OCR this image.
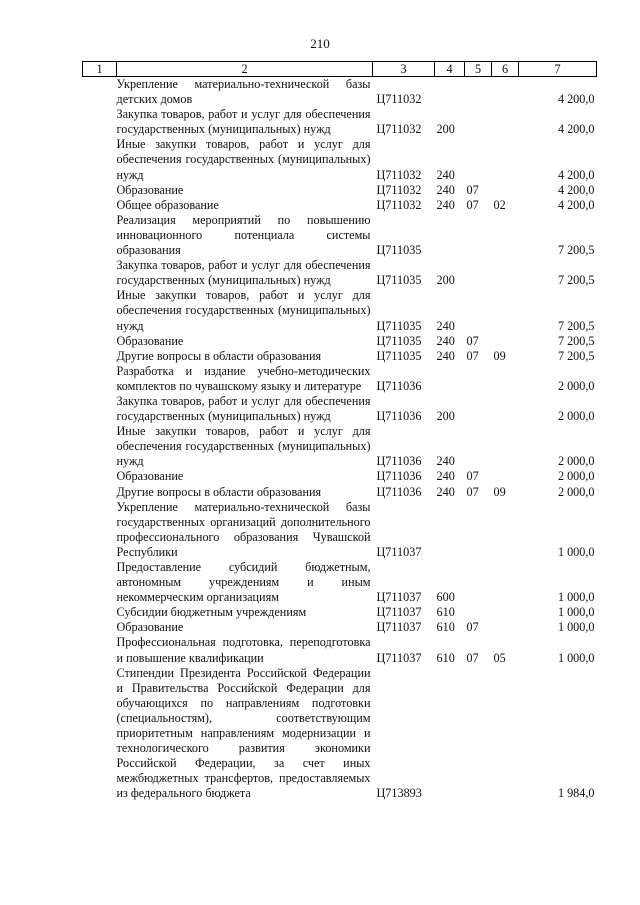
210
1	2	3	4	5	6	7
	Укрепление материально-технической базы детских домов	Ц711032				4 200,0
	Закупка товаров, работ и услуг для обеспечения государственных (муниципальных) нужд	Ц711032	200			4 200,0
	Иные закупки товаров, работ и услуг для обеспечения государственных (муниципальных) нужд	Ц711032	240			4 200,0
	Образование	Ц711032	240	07		4 200,0
	Общее образование	Ц711032	240	07	02	4 200,0
	Реализация мероприятий по повышению инновационного потенциала системы образования	Ц711035				7 200,5
	Закупка товаров, работ и услуг для обеспечения государственных (муниципальных) нужд	Ц711035	200			7 200,5
	Иные закупки товаров, работ и услуг для обеспечения государственных (муниципальных) нужд	Ц711035	240			7 200,5
	Образование	Ц711035	240	07		7 200,5
	Другие вопросы в области образования	Ц711035	240	07	09	7 200,5
	Разработка и издание учебно-методических комплектов по чувашскому языку и литературе	Ц711036				2 000,0
	Закупка товаров, работ и услуг для обеспечения государственных (муниципальных) нужд	Ц711036	200			2 000,0
	Иные закупки товаров, работ и услуг для обеспечения государственных (муниципальных) нужд	Ц711036	240			2 000,0
	Образование	Ц711036	240	07		2 000,0
	Другие вопросы в области образования	Ц711036	240	07	09	2 000,0
	Укрепление материально-технической базы государственных организаций дополнительного профессионального образования Чувашской Республики	Ц711037				1 000,0
	Предоставление субсидий бюджетным, автономным учреждениям и иным некоммерческим организациям	Ц711037	600			1 000,0
	Субсидии бюджетным учреждениям	Ц711037	610			1 000,0
	Образование	Ц711037	610	07		1 000,0
	Профессиональная подготовка, переподготовка и повышение квалификации	Ц711037	610	07	05	1 000,0
	Стипендии Президента Российской Федерации и Правительства Российской Федерации для обучающихся по направлениям подготовки (специальностям), соответствующим приоритетным направлениям модернизации и технологического развития экономики Российской Федерации, за счет иных межбюджетных трансфертов, предоставляемых из федерального бюджета	Ц713893				1 984,0
